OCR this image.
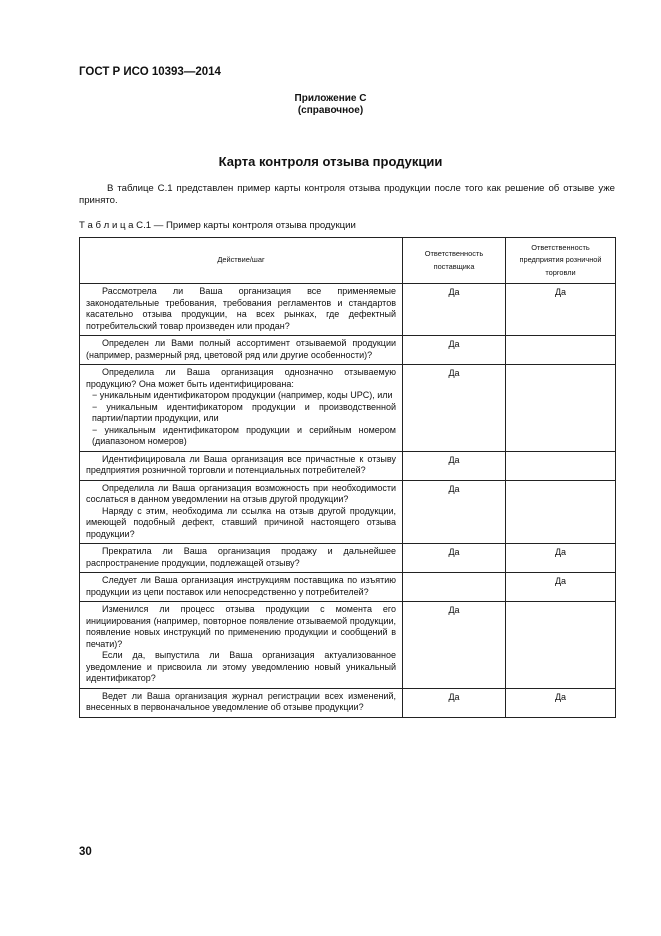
ГОСТ Р ИСО 10393—2014
Приложение С
(справочное)
Карта контроля отзыва продукции
В таблице С.1 представлен пример карты контроля отзыва продукции после того как решение об отзыве уже принято.
Т а б л и ц а С.1 — Пример карты контроля отзыва продукции
Действие/шаг	Ответственность поставщика	Ответственность предприятия розничной торговли

Рассмотрела ли Ваша организация все применяемые законодательные требования, требования регламентов и стандартов касательно отзыва продукции, на всех рынках, где дефектный потребительский товар произведен или продан?	Да	Да

Определен ли Вами полный ассортимент отзываемой продукции (например, размерный ряд, цветовой ряд или другие особенности)?	Да	

Определила ли Ваша организация однозначно отзываемую продукцию? Она может быть идентифицирована:

− уникальным идентификатором продукции (например, коды UPC), или

− уникальным идентификатором продукции и производственной партии/партии продукции, или

− уникальным идентификатором продукции и серийным номером (диапазоном номеров)	Да	

Идентифицировала ли Ваша организация все причастные к отзыву предприятия розничной торговли и потенциальных потребителей?	Да	

Определила ли Ваша организация возможность при необходимости сослаться в данном уведомлении на отзыв другой продукции?

Наряду с этим, необходима ли ссылка на отзыв другой продукции, имеющей подобный дефект, ставший причиной настоящего отзыва продукции?	Да	

Прекратила ли Ваша организация продажу и дальнейшее распространение продукции, подлежащей отзыву?	Да	Да

Следует ли Ваша организация инструкциям поставщика по изъятию продукции из цепи поставок или непосредственно у потребителей?		Да

Изменился ли процесс отзыва продукции с момента его инициирования (например, повторное появление отзываемой продукции, появление новых инструкций по применению продукции и сообщений в печати)?

Если да, выпустила ли Ваша организация актуализованное уведомление и присвоила ли этому уведомлению новый уникальный идентификатор?	Да	

Ведет ли Ваша организация журнал регистрации всех изменений, внесенных в первоначальное уведомление об отзыве продукции?	Да	Да
30
